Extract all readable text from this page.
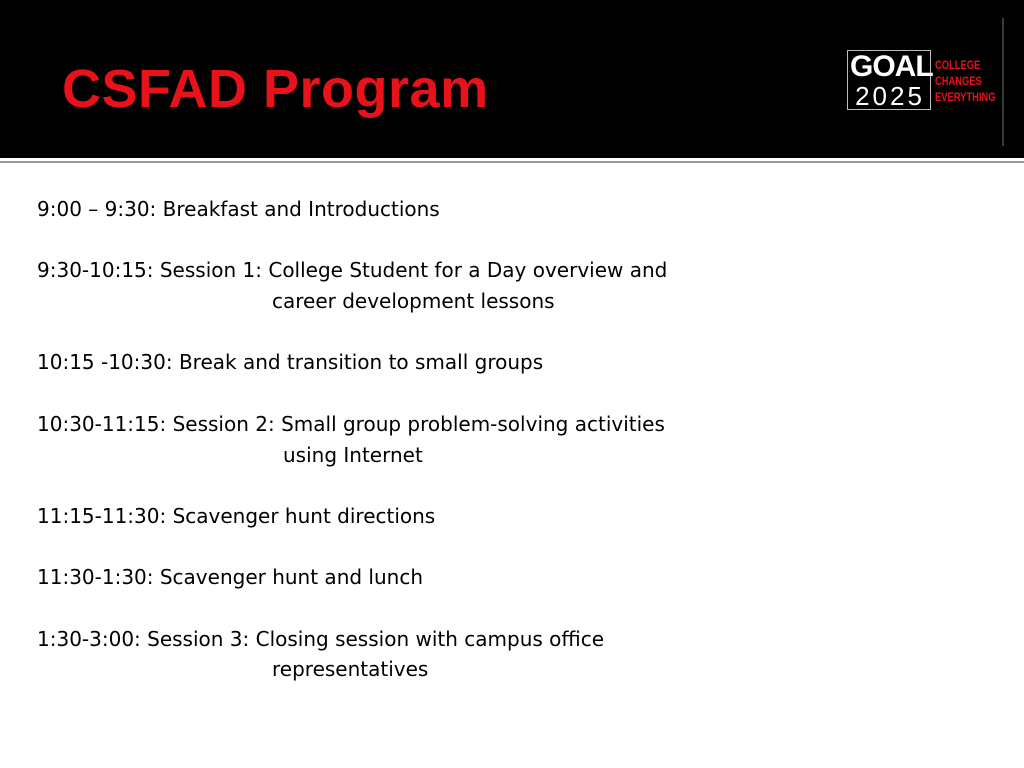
CSFAD Program	GOAL
2025
COLLEGE
CHANGES
EVERYTHING
9:00 – 9:30: Breakfast and Introductions
9:30-10:15: Session 1: College Student for a Day overview and
career development lessons
10:15 -10:30: Break and transition to small groups
10:30-11:15: Session 2: Small group problem-solving activities
using Internet
11:15-11:30: Scavenger hunt directions
11:30-1:30: Scavenger hunt and lunch
1:30-3:00: Session 3: Closing session with campus office
representatives
